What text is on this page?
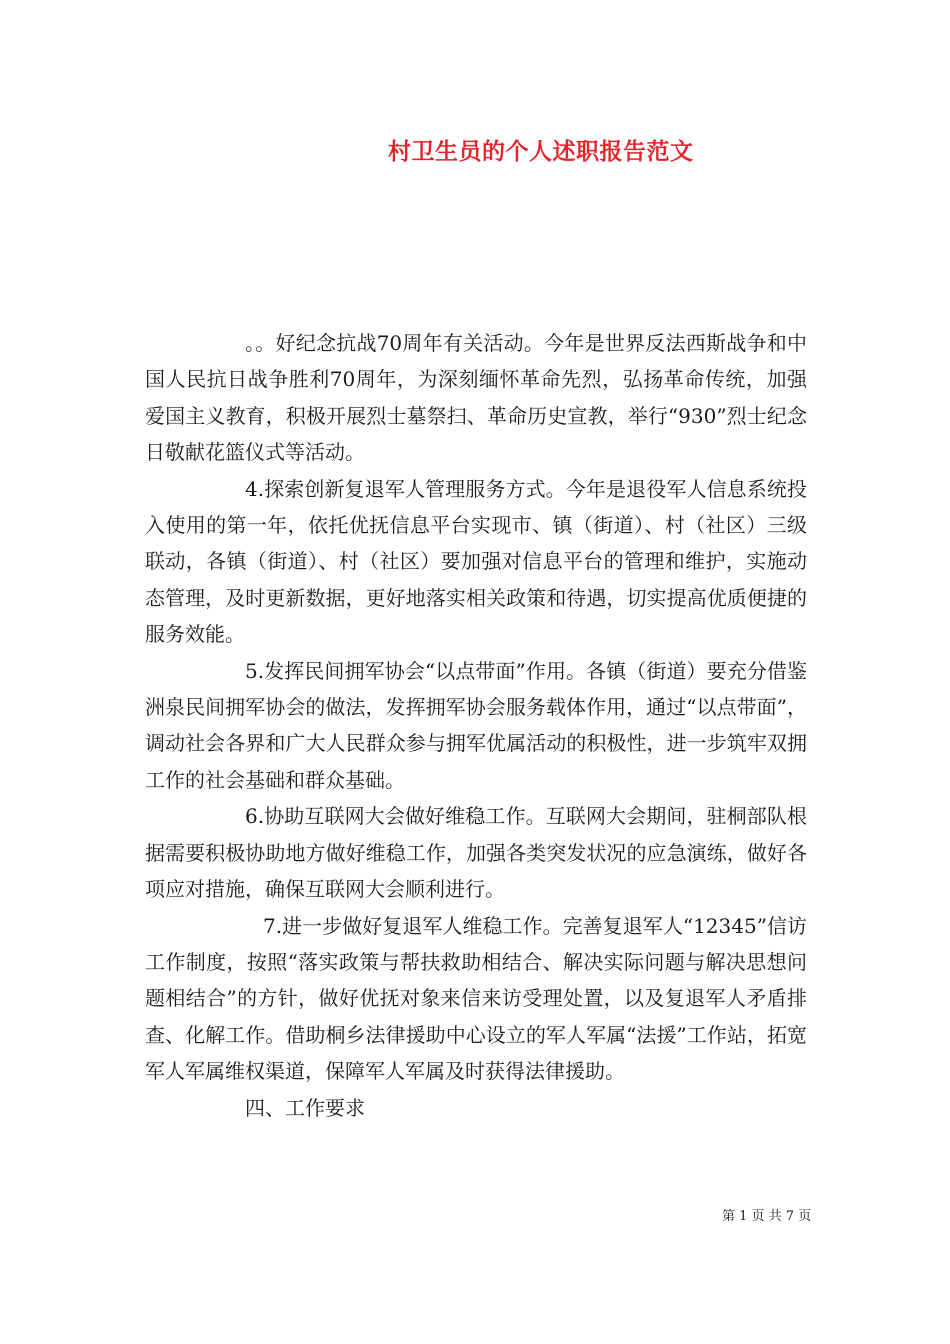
村卫生员的个人述职报告范文

。。好纪念抗战70周年有关活动。今年是世界反法西斯战争和中国人民抗日战争胜利70周年，为深刻缅怀革命先烈，弘扬革命传统，加强爱国主义教育，积极开展烈士墓祭扫、革命历史宣教，举行“930”烈士纪念日敬献花篮仪式等活动。

4.探索创新复退军人管理服务方式。今年是退役军人信息系统投入使用的第一年，依托优抚信息平台实现市、镇（街道）、村（社区）三级联动，各镇（街道）、村（社区）要加强对信息平台的管理和维护，实施动态管理，及时更新数据，更好地落实相关政策和待遇，切实提高优质便捷的服务效能。

5.发挥民间拥军协会“以点带面”作用。各镇（街道）要充分借鉴洲泉民间拥军协会的做法，发挥拥军协会服务载体作用，通过“以点带面”，调动社会各界和广大人民群众参与拥军优属活动的积极性，进一步筑牢双拥工作的社会基础和群众基础。

6.协助互联网大会做好维稳工作。互联网大会期间，驻桐部队根据需要积极协助地方做好维稳工作，加强各类突发状况的应急演练，做好各项应对措施，确保互联网大会顺利进行。

7.进一步做好复退军人维稳工作。完善复退军人“12345”信访工作制度，按照“落实政策与帮扶救助相结合、解决实际问题与解决思想问题相结合”的方针，做好优抚对象来信来访受理处置，以及复退军人矛盾排查、化解工作。借助桐乡法律援助中心设立的军人军属“法援”工作站，拓宽军人军属维权渠道，保障军人军属及时获得法律援助。

四、工作要求

第 1 页 共 7 页
